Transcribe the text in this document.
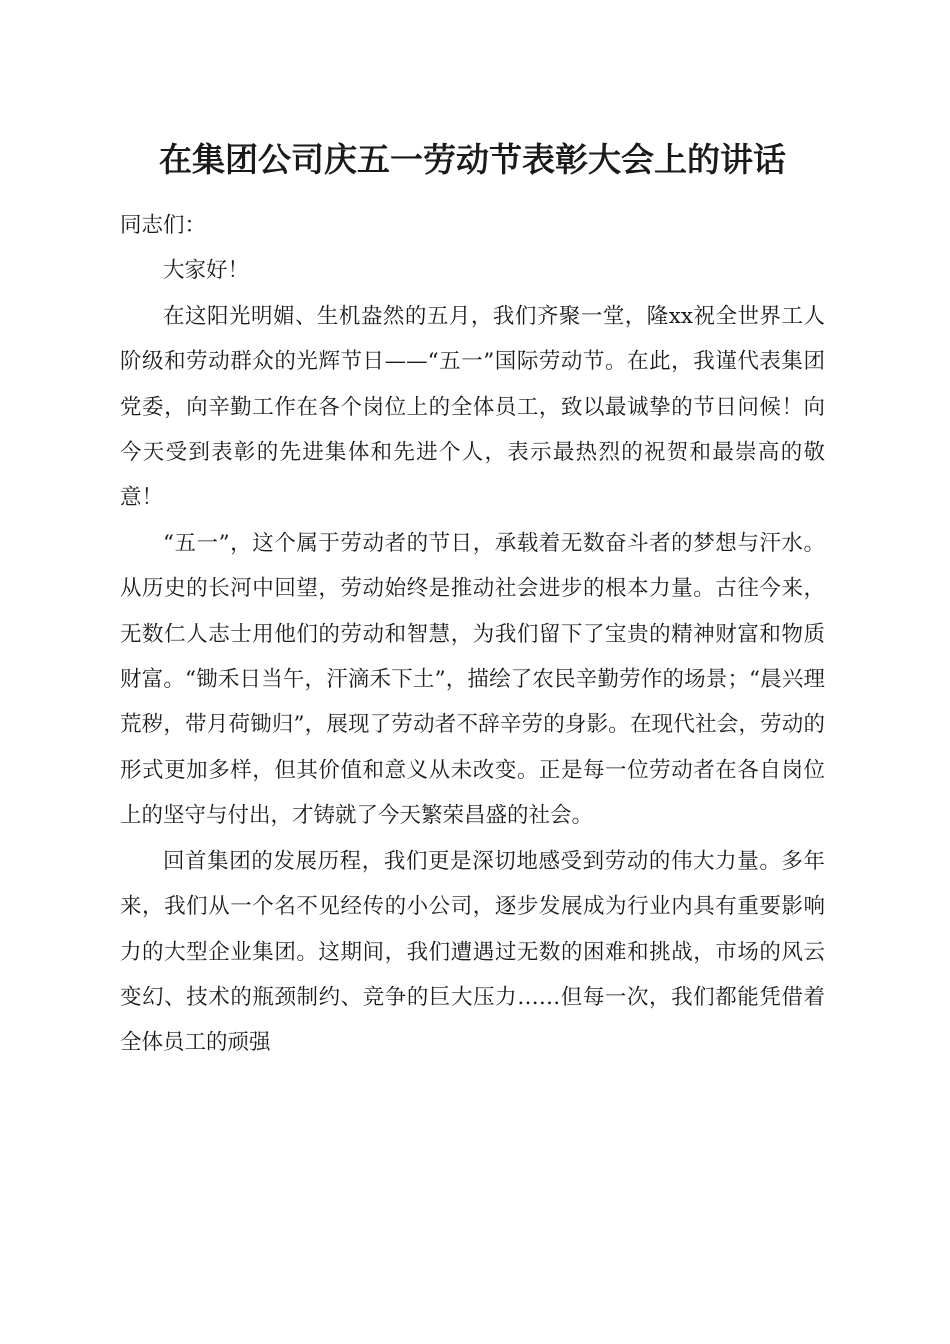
在集团公司庆五一劳动节表彰大会上的讲话

同志们：

大家好！

在这阳光明媚、生机盎然的五月，我们齐聚一堂，隆xx祝全世界工人阶级和劳动群众的光辉节日——“五一”国际劳动节。在此，我谨代表集团党委，向辛勤工作在各个岗位上的全体员工，致以最诚挚的节日问候！向今天受到表彰的先进集体和先进个人，表示最热烈的祝贺和最崇高的敬意！

“五一”，这个属于劳动者的节日，承载着无数奋斗者的梦想与汗水。从历史的长河中回望，劳动始终是推动社会进步的根本力量。古往今来，无数仁人志士用他们的劳动和智慧，为我们留下了宝贵的精神财富和物质财富。“锄禾日当午，汗滴禾下土”，描绘了农民辛勤劳作的场景；“晨兴理荒秽，带月荷锄归”，展现了劳动者不辞辛劳的身影。在现代社会，劳动的形式更加多样，但其价值和意义从未改变。正是每一位劳动者在各自岗位上的坚守与付出，才铸就了今天繁荣昌盛的社会。

回首集团的发展历程，我们更是深切地感受到劳动的伟大力量。多年来，我们从一个名不见经传的小公司，逐步发展成为行业内具有重要影响力的大型企业集团。这期间，我们遭遇过无数的困难和挑战，市场的风云变幻、技术的瓶颈制约、竞争的巨大压力……但每一次，我们都能凭借着全体员工的顽强
